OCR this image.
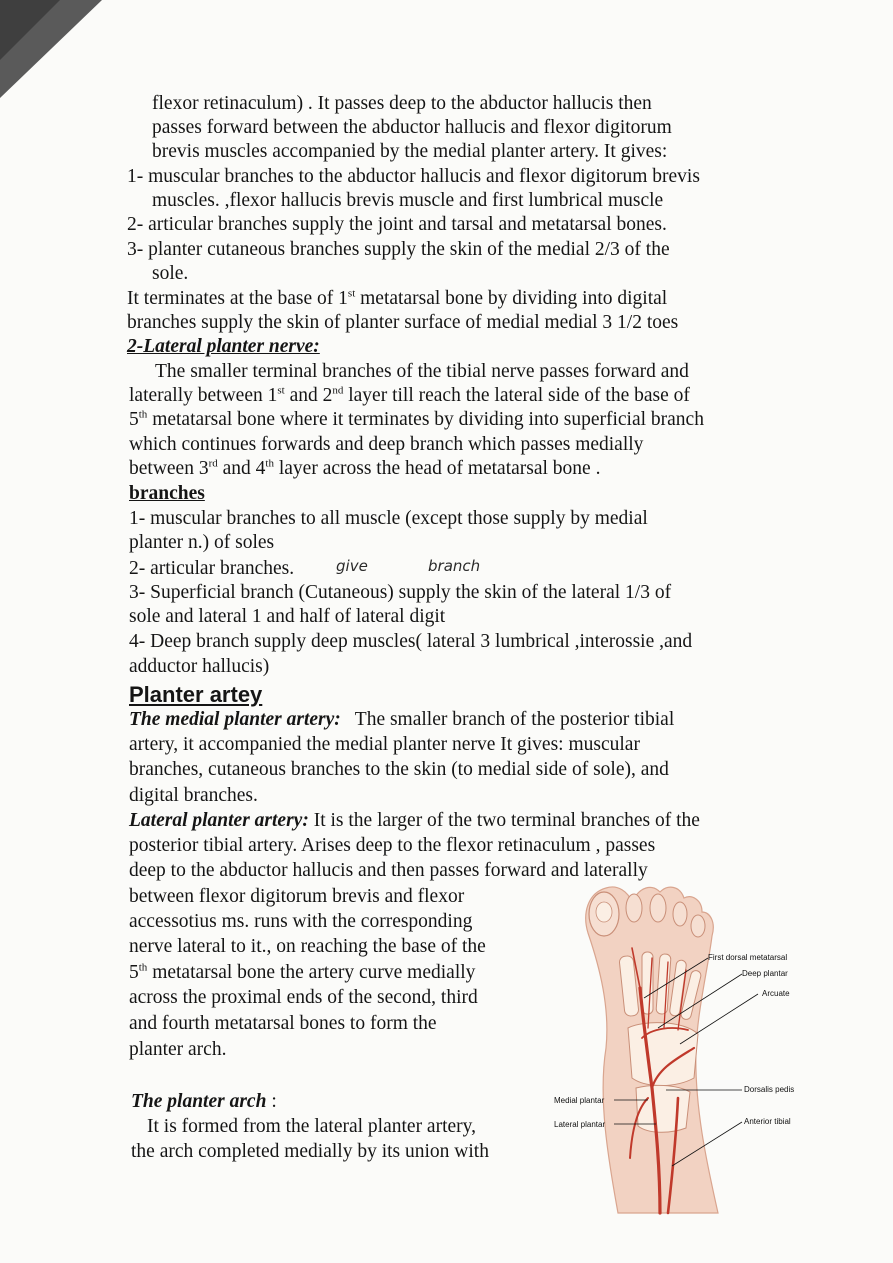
flexor retinaculum) . It passes deep to the abductor hallucis then
passes forward between the abductor hallucis and flexor digitorum
brevis muscles accompanied by the medial planter artery. It gives:
1- muscular branches to the abductor hallucis and flexor digitorum brevis
muscles. ,flexor hallucis brevis muscle and first lumbrical muscle
2- articular branches supply the joint and tarsal and metatarsal bones.
3- planter cutaneous branches supply the skin of the medial 2/3 of the
sole.
It terminates at the base of 1st metatarsal bone by dividing into digital
branches supply the skin of planter surface of medial medial 3 1/2 toes
2-Lateral planter nerve:
The smaller terminal branches of the tibial nerve passes forward and
laterally between 1st and 2nd layer till reach the lateral side of the base of
5th metatarsal bone where it terminates by dividing into superficial branch
which continues forwards and deep branch which passes medially
between 3rd and 4th layer across the head of metatarsal bone .
branches
1- muscular branches to all muscle (except those supply by medial
planter n.) of soles
2- articular branches.	give	branch
3- Superficial branch (Cutaneous) supply the skin of the lateral 1/3 of
sole and lateral 1 and half of lateral digit
4- Deep branch supply deep muscles( lateral 3 lumbrical ,interossie ,and
adductor hallucis)
Planter artey
The medial planter artery: The smaller branch of the posterior tibial
artery, it accompanied the medial planter nerve It gives: muscular
branches, cutaneous branches to the skin (to medial side of sole), and
digital branches.
Lateral planter artery: It is the larger of the two terminal branches of the
posterior tibial artery. Arises deep to the flexor retinaculum , passes
deep to the abductor hallucis and then passes forward and laterally
between flexor digitorum brevis and flexor
accessotius ms. runs with the corresponding
nerve lateral to it., on reaching the base of the
5th metatarsal bone the artery curve medially
across the proximal ends of the second, third
and fourth metatarsal bones to form the
planter arch.
The planter arch :
It is formed from the lateral planter artery,
the arch completed medially by its union with
First dorsal metatarsal
Deep plantar
Arcuate
Dorsalis pedis
Anterior tibial
Medial plantar
Lateral plantar
